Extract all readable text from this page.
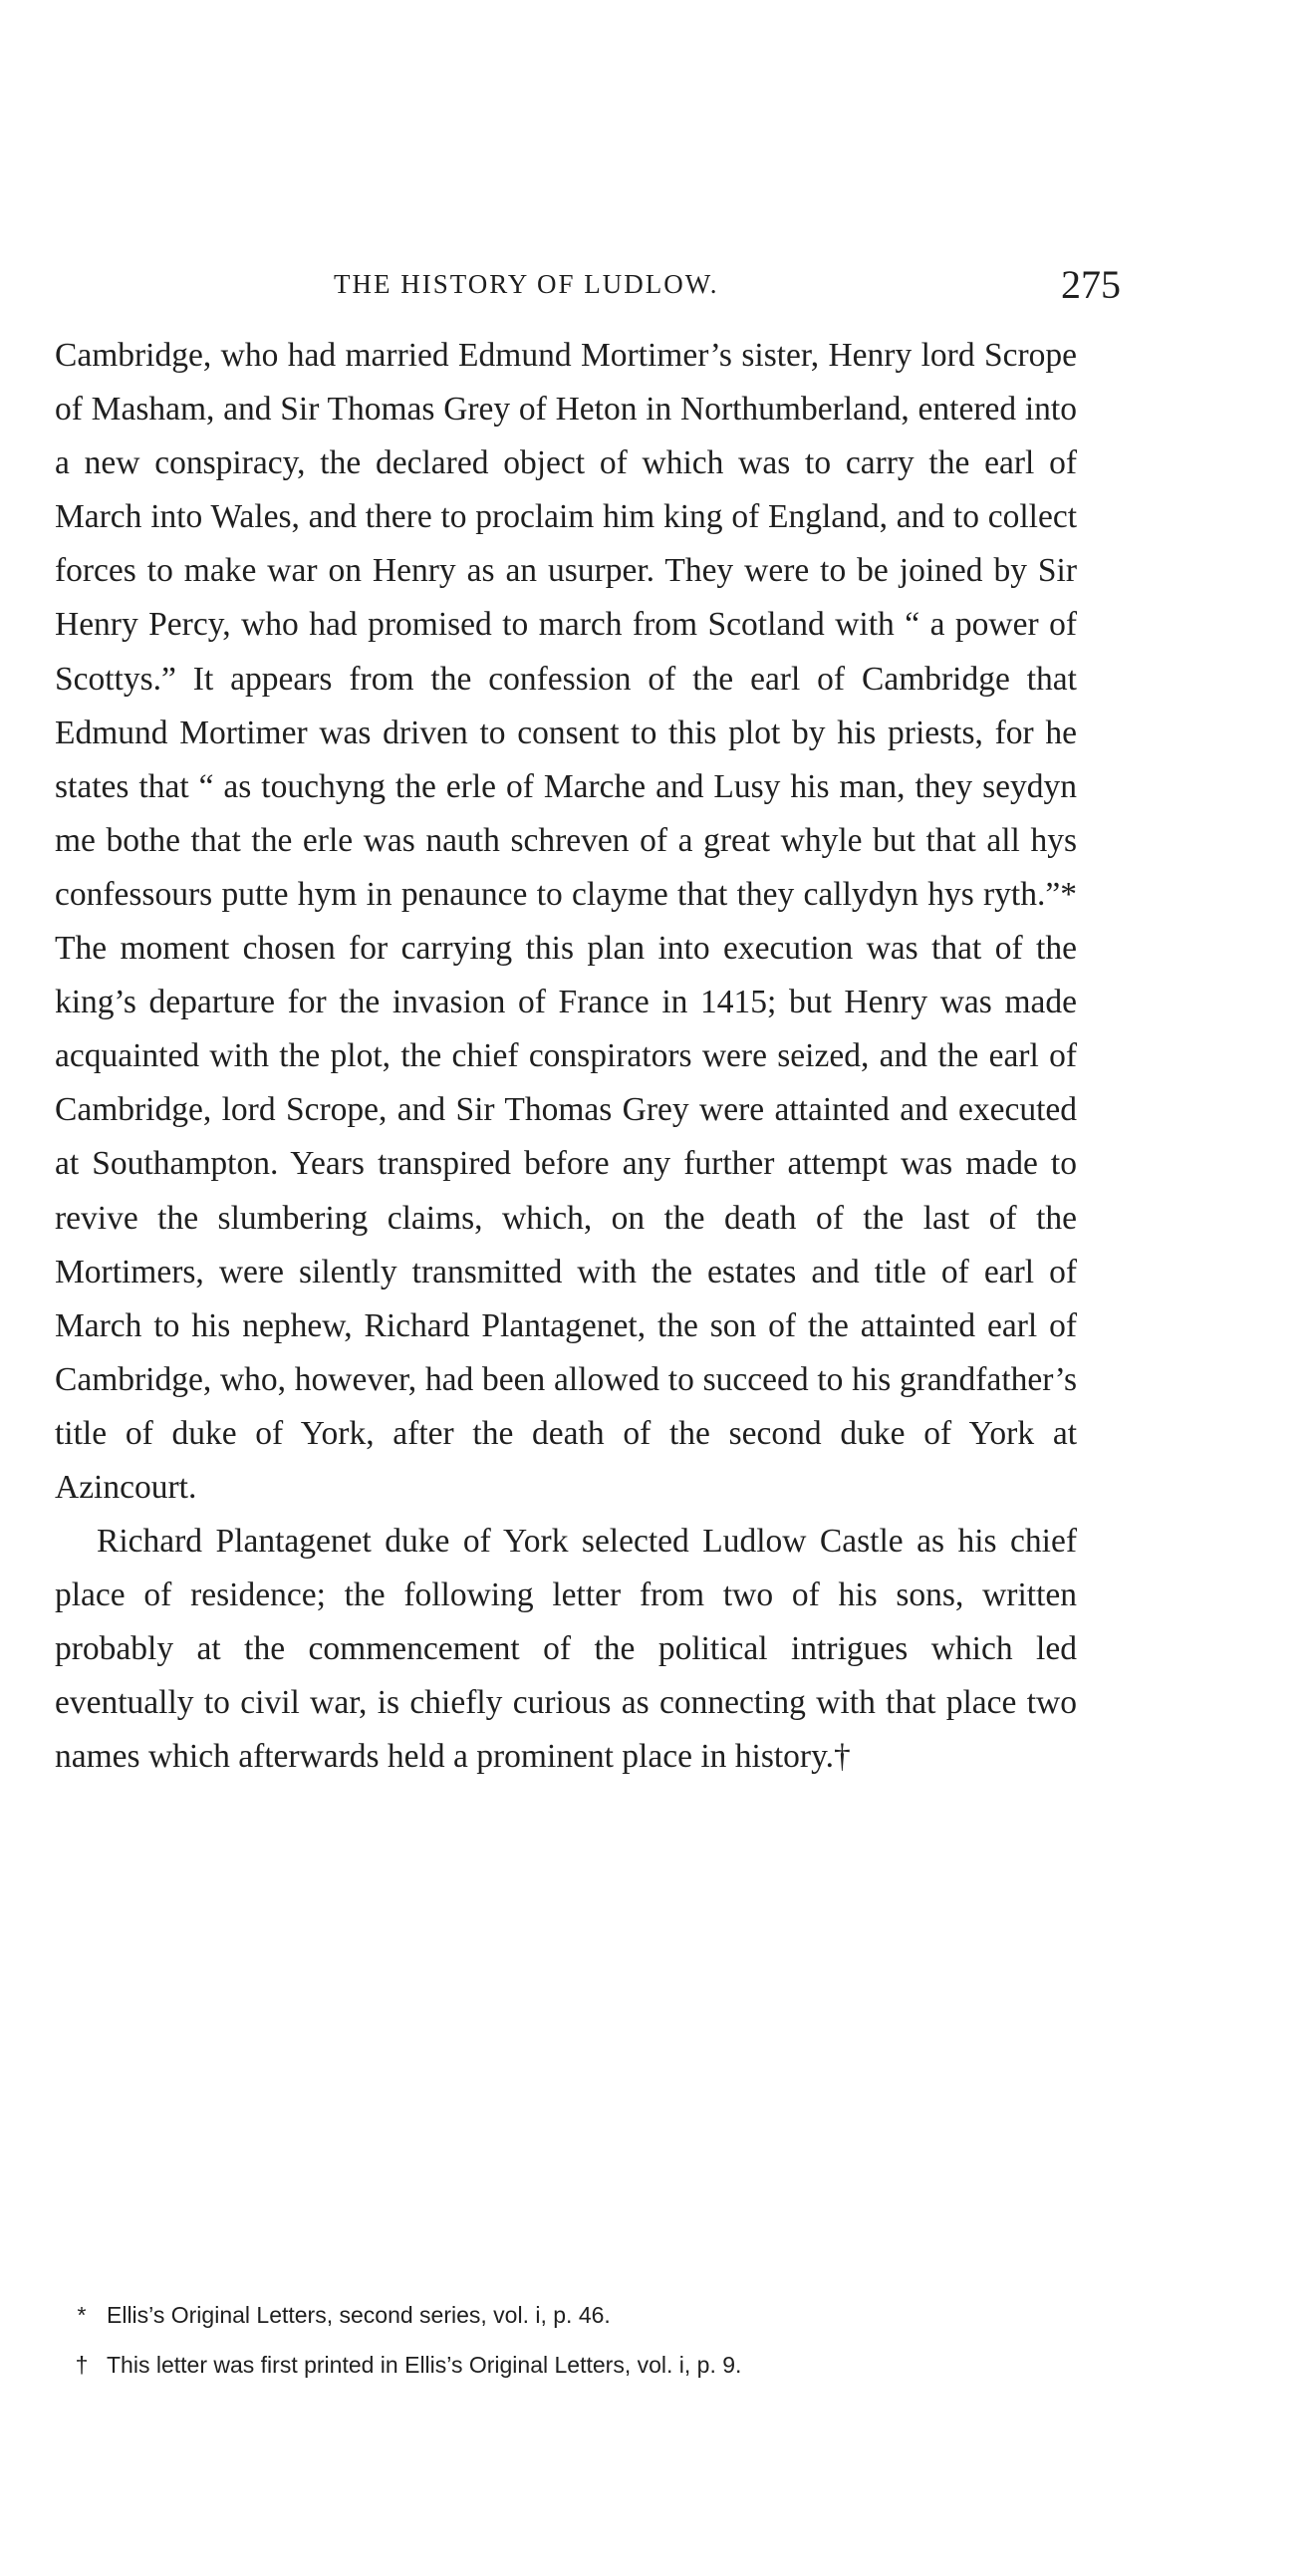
THE HISTORY OF LUDLOW.	275

Cambridge, who had married Edmund Mortimer’s sister, Henry lord Scrope of Masham, and Sir Thomas Grey of Heton in Northumberland, entered into a new conspiracy, the declared object of which was to carry the earl of March into Wales, and there to proclaim him king of England, and to collect forces to make war on Henry as an usurper. They were to be joined by Sir Henry Percy, who had promised to march from Scotland with “ a power of Scottys.” It appears from the confession of the earl of Cambridge that Edmund Mortimer was driven to consent to this plot by his priests, for he states that “ as touchyng the erle of Marche and Lusy his man, they seydyn me bothe that the erle was nauth schreven of a great whyle but that all hys confessours putte hym in penaunce to clayme that they callydyn hys ryth.”* The moment chosen for carrying this plan into execution was that of the king’s departure for the invasion of France in 1415; but Henry was made acquainted with the plot, the chief conspirators were seized, and the earl of Cambridge, lord Scrope, and Sir Thomas Grey were attainted and executed at Southampton. Years transpired before any further attempt was made to revive the slumbering claims, which, on the death of the last of the Mortimers, were silently transmitted with the estates and title of earl of March to his nephew, Richard Plantagenet, the son of the attainted earl of Cambridge, who, however, had been allowed to succeed to his grandfather’s title of duke of York, after the death of the second duke of York at Azincourt.

Richard Plantagenet duke of York selected Ludlow Castle as his chief place of residence; the following letter from two of his sons, written probably at the commencement of the political intrigues which led eventually to civil war, is chiefly curious as connecting with that place two names which afterwards held a prominent place in history.†

* Ellis’s Original Letters, second series, vol. i, p. 46.

† This letter was first printed in Ellis’s Original Letters, vol. i, p. 9.
